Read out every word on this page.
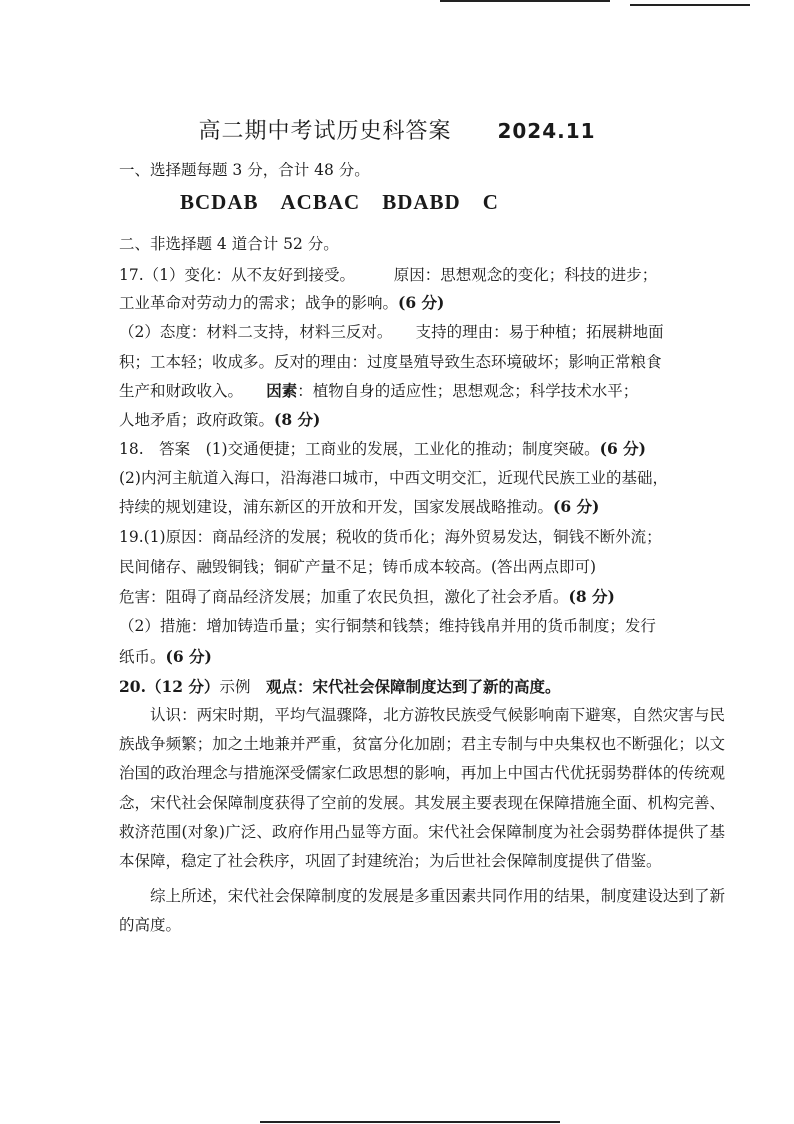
高二期中考试历史科答案 2024.11
一、选择题每题 3 分，合计 48 分。
BCDAB ACBAC BDABD C
二、非选择题 4 道合计 52 分。
17.（1）变化：从不友好到接受。　　　原因：思想观念的变化；科技的进步；
工业革命对劳动力的需求；战争的影响。(6 分)
（2）态度：材料二支持，材料三反对。　　支持的理由：易于种植；拓展耕地面
积；工本轻；收成多。反对的理由：过度垦殖导致生态环境破坏；影响正常粮食
生产和财政收入。　　因素：植物自身的适应性；思想观念；科学技术水平；
人地矛盾；政府政策。(8 分)
18.　答案　(1)交通便捷；工商业的发展，工业化的推动；制度突破。(6 分)
(2)内河主航道入海口，沿海港口城市，中西文明交汇，近现代民族工业的基础，
持续的规划建设，浦东新区的开放和开发，国家发展战略推动。(6 分)
19.(1)原因：商品经济的发展；税收的货币化；海外贸易发达，铜钱不断外流；
民间储存、融毁铜钱；铜矿产量不足；铸币成本较高。(答出两点即可)
危害：阻碍了商品经济发展；加重了农民负担，激化了社会矛盾。(8 分)
（2）措施：增加铸造币量；实行铜禁和钱禁；维持钱帛并用的货币制度；发行
纸币。(6 分)
20.（12 分）示例　观点：宋代社会保障制度达到了新的高度。

认识：两宋时期，平均气温骤降，北方游牧民族受气候影响南下避寒，自然灾害与民族战争频繁；加之土地兼并严重，贫富分化加剧；君主专制与中央集权也不断强化；以文治国的政治理念与措施深受儒家仁政思想的影响，再加上中国古代优抚弱势群体的传统观念，宋代社会保障制度获得了空前的发展。其发展主要表现在保障措施全面、机构完善、救济范围(对象)广泛、政府作用凸显等方面。宋代社会保障制度为社会弱势群体提供了基本保障，稳定了社会秩序，巩固了封建统治；为后世社会保障制度提供了借鉴。

综上所述，宋代社会保障制度的发展是多重因素共同作用的结果，制度建设达到了新的高度。
